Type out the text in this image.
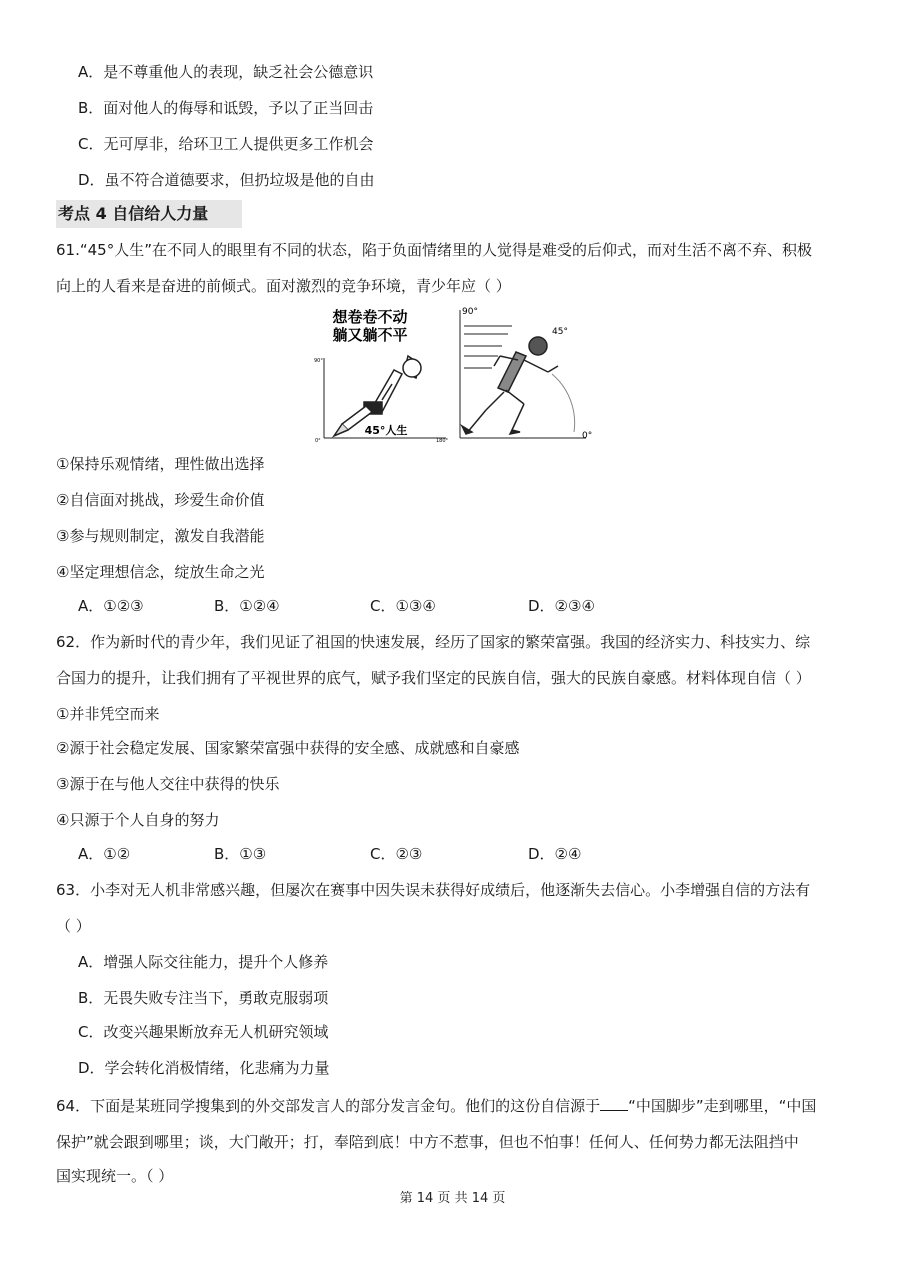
A．是不尊重他人的表现，缺乏社会公德意识
B．面对他人的侮辱和诋毁，予以了正当回击
C．无可厚非，给环卫工人提供更多工作机会
D．虽不符合道德要求，但扔垃圾是他的自由
考点 4 自信给人力量
61.“45°人生”在不同人的眼里有不同的状态，陷于负面情绪里的人觉得是难受的后仰式，而对生活不离不弃、积极
向上的人看来是奋进的前倾式。面对激烈的竞争环境，青少年应（ ）
想卷卷不动
躺又躺不平
90°
0°	180°
45°人生
90°
45°
0°
①保持乐观情绪，理性做出选择
②自信面对挑战，珍爱生命价值
③参与规则制定，激发自我潜能
④坚定理想信念，绽放生命之光
A．①②③	B．①②④	C．①③④	D．②③④
62．作为新时代的青少年，我们见证了祖国的快速发展，经历了国家的繁荣富强。我国的经济实力、科技实力、综
合国力的提升，让我们拥有了平视世界的底气，赋予我们坚定的民族自信，强大的民族自豪感。材料体现自信（ ）
①并非凭空而来
②源于社会稳定发展、国家繁荣富强中获得的安全感、成就感和自豪感
③源于在与他人交往中获得的快乐
④只源于个人自身的努力
A．①②	B．①③	C．②③	D．②④
63．小李对无人机非常感兴趣，但屡次在赛事中因失误未获得好成绩后，他逐渐失去信心。小李增强自信的方法有
（ ）
A．增强人际交往能力，提升个人修养
B．无畏失败专注当下，勇敢克服弱项
C．改变兴趣果断放弃无人机研究领域
D．学会转化消极情绪，化悲痛为力量
64．下面是某班同学搜集到的外交部发言人的部分发言金句。他们的这份自信源于 “中国脚步”走到哪里，“中国
保护”就会跟到哪里；谈，大门敞开；打，奉陪到底！中方不惹事，但也不怕事！任何人、任何势力都无法阻挡中
国实现统一。（ ）
第 14 页 共 14 页
